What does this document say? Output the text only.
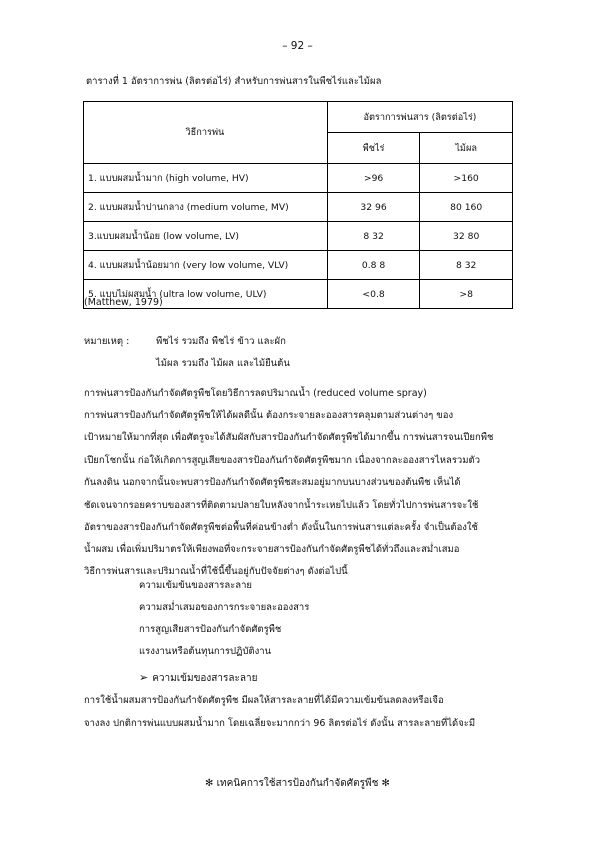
– 92 –
ตารางที่ 1 อัตราการพ่น (ลิตรต่อไร่) สำหรับการพ่นสารในพืชไร่และไม้ผล
วิธีการพ่น	อัตราการพ่นสาร (ลิตรต่อไร่)	
	พืชไร่	ไม้ผล
1. แบบผสมน้ำมาก (high volume, HV)	>96	>160
2. แบบผสมน้ำปานกลาง (medium volume, MV)	32 96	80 160
3.แบบผสมน้ำน้อย (low volume, LV)	8 32	32 80
4. แบบผสมน้ำน้อยมาก (very low volume, VLV)	0.8 8	8 32
5. แบบไม่ผสมน้ำ (ultra low volume, ULV)	<0.8	>8
(Matthew, 1979)
หมายเหตุ :	พืชไร่ รวมถึง พืชไร่ ข้าว และผัก
ไม้ผล รวมถึง ไม้ผล และไม้ยืนต้น
การพ่นสารป้องกันกำจัดศัตรูพืชโดยวิธีการลดปริมาณน้ำ (reduced volume spray)
การพ่นสารป้องกันกำจัดศัตรูพืชให้ได้ผลดีนั้น ต้องกระจายละอองสารคลุมตามส่วนต่างๆ ของ
เป้าหมายให้มากที่สุด เพื่อศัตรูจะได้สัมผัสกับสารป้องกันกำจัดศัตรูพืชได้มากขึ้น การพ่นสารจนเปียกพืช
เปียกโชกนั้น ก่อให้เกิดการสูญเสียของสารป้องกันกำจัดศัตรูพืชมาก เนื่องจากละอองสารไหลรวมตัว
กันลงดิน นอกจากนั้นจะพบสารป้องกันกำจัดศัตรูพืชสะสมอยู่มากบนบางส่วนของต้นพืช เห็นได้
ชัดเจนจากรอยคราบของสารที่ติดตามปลายใบหลังจากน้ำระเหยไปแล้ว โดยทั่วไปการพ่นสารจะใช้
อัตราของสารป้องกันกำจัดศัตรูพืชต่อพื้นที่ค่อนข้างต่ำ ดังนั้นในการพ่นสารแต่ละครั้ง จำเป็นต้องใช้
น้ำผสม เพื่อเพิ่มปริมาตรให้เพียงพอที่จะกระจายสารป้องกันกำจัดศัตรูพืชได้ทั่วถึงและสม่ำเสมอ
วิธีการพ่นสารและปริมาณน้ำที่ใช้นี้ขึ้นอยู่กับปัจจัยต่างๆ ดังต่อไปนี้
ความเข้มข้นของสารละลาย
ความสม่ำเสมอของการกระจายละอองสาร
การสูญเสียสารป้องกันกำจัดศัตรูพืช
แรงงานหรือต้นทุนการปฏิบัติงาน
➢ ความเข้มของสารละลาย
การใช้น้ำผสมสารป้องกันกำจัดศัตรูพืช มีผลให้สารละลายที่ได้มีความเข้มข้นลดลงหรือเจือ
จางลง ปกติการพ่นแบบผสมน้ำมาก โดยเฉลี่ยจะมากกว่า 96 ลิตรต่อไร่ ดังนั้น สารละลายที่ได้จะมี
✻ เทคนิคการใช้สารป้องกันกำจัดศัตรูพืช ✻
